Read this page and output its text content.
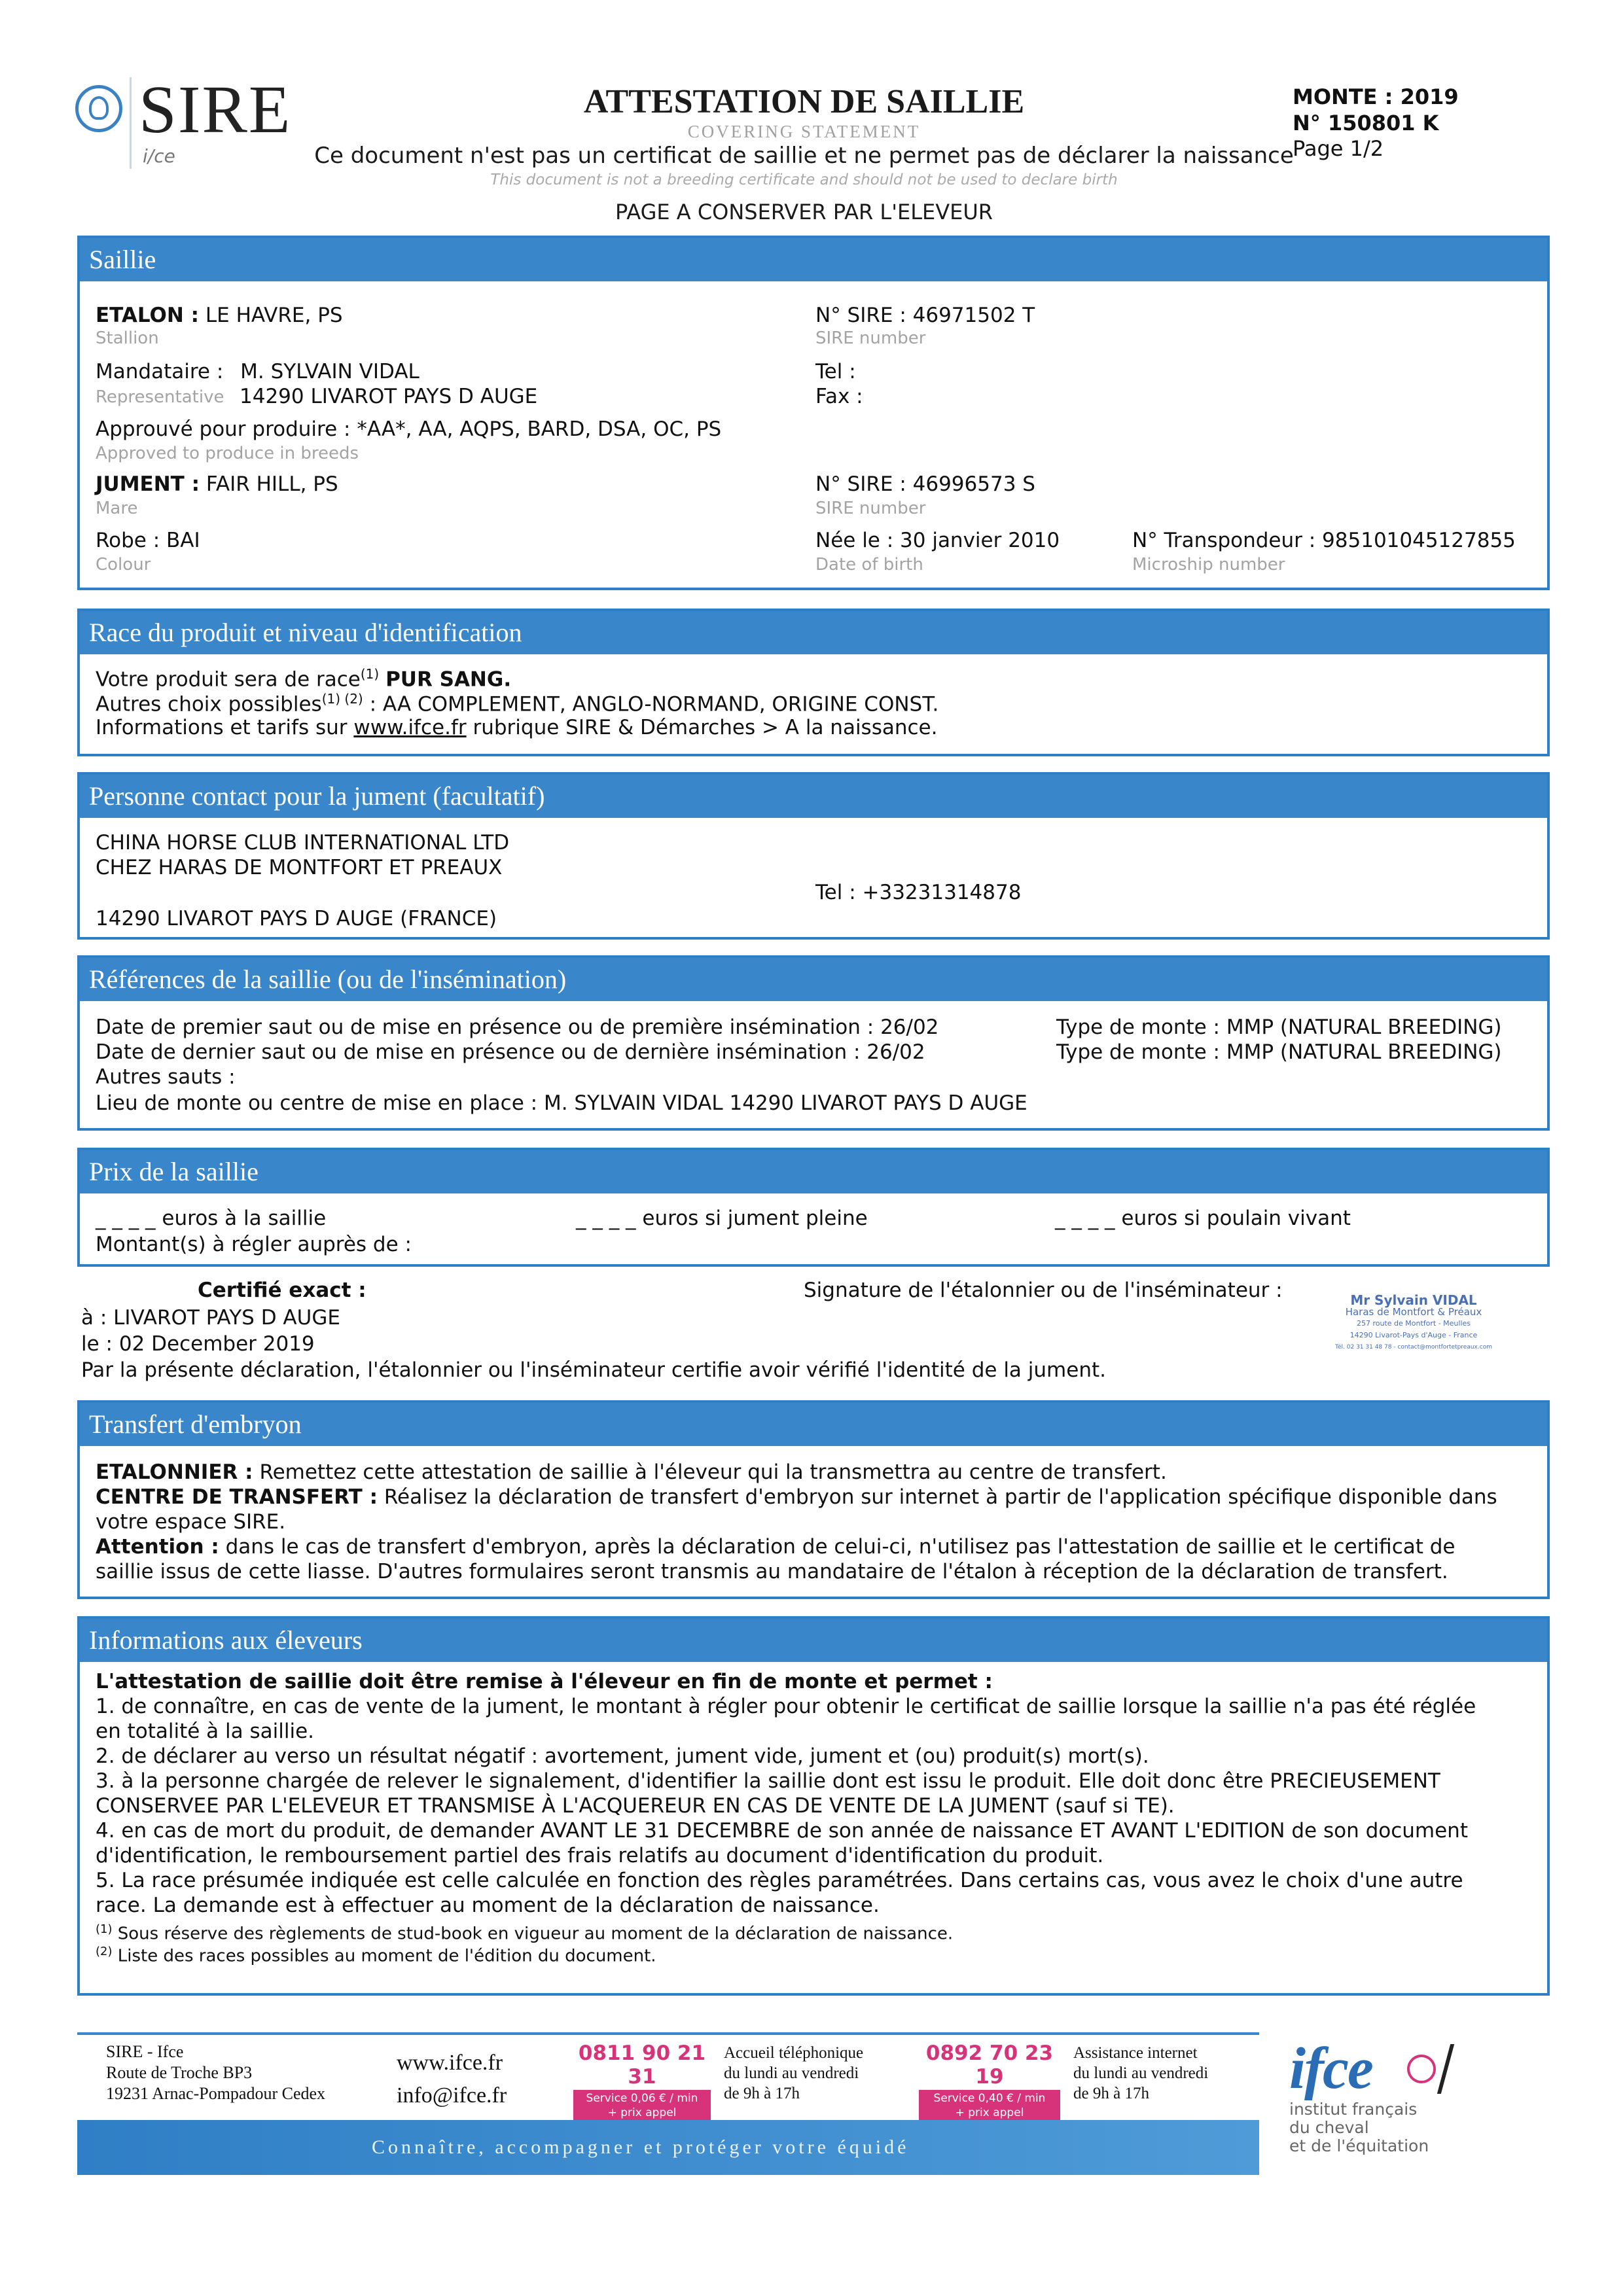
SIRE
i/ce
ATTESTATION DE SAILLIE
COVERING STATEMENT
Ce document n'est pas un certificat de saillie et ne permet pas de déclarer la naissance
This document is not a breeding certificate and should not be used to declare birth
PAGE A CONSERVER PAR L'ELEVEUR
MONTE : 2019
N° 150801 K
Page 1/2
Saillie
ETALON : LE HAVRE, PS
Stallion
N° SIRE : 46971502 T
SIRE number
Mandataire : M. SYLVAIN VIDAL
Representative 14290 LIVAROT PAYS D AUGE
Tel :
Fax :
Approuvé pour produire : *AA*, AA, AQPS, BARD, DSA, OC, PS
Approved to produce in breeds
JUMENT : FAIR HILL, PS
Mare
N° SIRE : 46996573 S
SIRE number
Robe : BAI
Colour
Née le : 30 janvier 2010
Date of birth
N° Transpondeur : 985101045127855
Microship number
Race du produit et niveau d'identification
Votre produit sera de race$^{(1)}$ PUR SANG.
Autres choix possibles$^{(1) (2)}$ : AA COMPLEMENT, ANGLO-NORMAND, ORIGINE CONST.
Informations et tarifs sur www.ifce.fr rubrique SIRE & Démarches > A la naissance.
Personne contact pour la jument (facultatif)
CHINA HORSE CLUB INTERNATIONAL LTD
CHEZ HARAS DE MONTFORT ET PREAUX
Tel : +33231314878
14290 LIVAROT PAYS D AUGE (FRANCE)
Références de la saillie (ou de l'insémination)
Date de premier saut ou de mise en présence ou de première insémination : 26/02	Type de monte : MMP (NATURAL BREEDING)
Date de dernier saut ou de mise en présence ou de dernière insémination : 26/02	Type de monte : MMP (NATURAL BREEDING)
Autres sauts :
Lieu de monte ou centre de mise en place : M. SYLVAIN VIDAL 14290 LIVAROT PAYS D AUGE
Prix de la saillie
_ _ _ _ euros à la saillie	_ _ _ _ euros si jument pleine	_ _ _ _ euros si poulain vivant
Montant(s) à régler auprès de :
Certifié exact :	Signature de l'étalonnier ou de l'inséminateur :
à : LIVAROT PAYS D AUGE
le : 02 December 2019
Par la présente déclaration, l'étalonnier ou l'inséminateur certifie avoir vérifié l'identité de la jument.
Mr Sylvain VIDAL
Haras de Montfort & Préaux
257 route de Montfort - Meulles
14290 Livarot-Pays d'Auge - France
Tél. 02 31 31 48 78 - contact@montfortetpreaux.com
Transfert d'embryon
ETALONNIER : Remettez cette attestation de saillie à l'éleveur qui la transmettra au centre de transfert.
CENTRE DE TRANSFERT : Réalisez la déclaration de transfert d'embryon sur internet à partir de l'application spécifique disponible dans
votre espace SIRE.
Attention : dans le cas de transfert d'embryon, après la déclaration de celui-ci, n'utilisez pas l'attestation de saillie et le certificat de
saillie issus de cette liasse. D'autres formulaires seront transmis au mandataire de l'étalon à réception de la déclaration de transfert.
Informations aux éleveurs
L'attestation de saillie doit être remise à l'éleveur en fin de monte et permet :
1. de connaître, en cas de vente de la jument, le montant à régler pour obtenir le certificat de saillie lorsque la saillie n'a pas été réglée
en totalité à la saillie.
2. de déclarer au verso un résultat négatif : avortement, jument vide, jument et (ou) produit(s) mort(s).
3. à la personne chargée de relever le signalement, d'identifier la saillie dont est issu le produit. Elle doit donc être PRECIEUSEMENT
CONSERVEE PAR L'ELEVEUR ET TRANSMISE À L'ACQUEREUR EN CAS DE VENTE DE LA JUMENT (sauf si TE).
4. en cas de mort du produit, de demander AVANT LE 31 DECEMBRE de son année de naissance ET AVANT L'EDITION de son document
d'identification, le remboursement partiel des frais relatifs au document d'identification du produit.
5. La race présumée indiquée est celle calculée en fonction des règles paramétrées. Dans certains cas, vous avez le choix d'une autre
race. La demande est à effectuer au moment de la déclaration de naissance.
$^{(1)}$ Sous réserve des règlements de stud-book en vigueur au moment de la déclaration de naissance.
$^{(2)}$ Liste des races possibles au moment de l'édition du document.
SIRE - Ifce
Route de Troche BP3
19231 Arnac-Pompadour Cedex
www.ifce.fr
info@ifce.fr
0811 90 21 31
Service 0,06 € / min
+ prix appel
Accueil téléphonique
du lundi au vendredi
de 9h à 17h
0892 70 23 19
Service 0,40 € / min
+ prix appel
Assistance internet
du lundi au vendredi
de 9h à 17h
Connaître, accompagner et protéger votre équidé
ifce
institut français
du cheval
et de l'équitation
